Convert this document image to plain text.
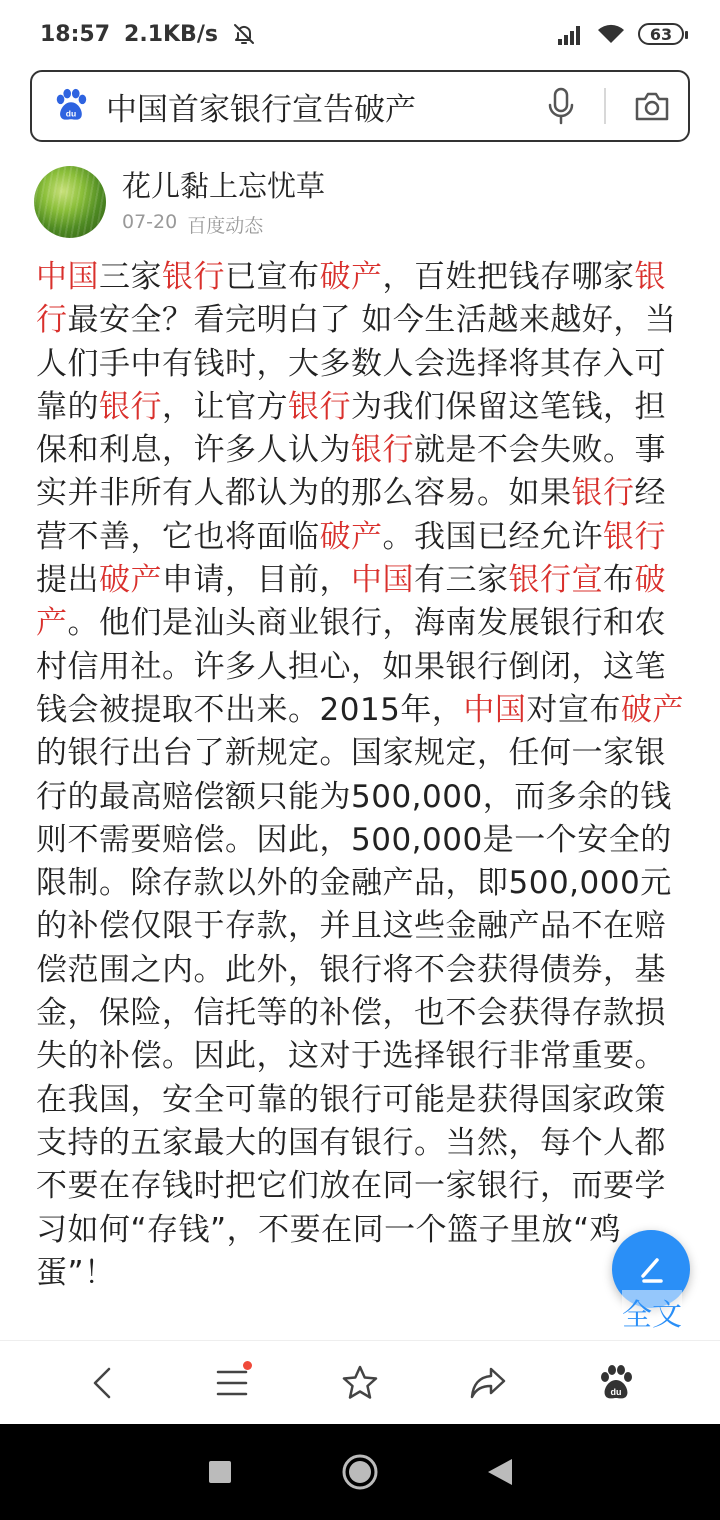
18:57 2.1KB/s	63
du 中国首家银行宣告破产
花儿黏上忘忧草
07-20 百度动态
中国三家银行已宣布破产，百姓把钱存哪家银行最安全？看完明白了 如今生活越来越好，当人们手中有钱时，大多数人会选择将其存入可靠的银行，让官方银行为我们保留这笔钱，担保和利息，许多人认为银行就是不会失败。事实并非所有人都认为的那么容易。如果银行经营不善，它也将面临破产。我国已经允许银行提出破产申请，目前，中国有三家银行宣布破产。他们是汕头商业银行，海南发展银行和农村信用社。许多人担心，如果银行倒闭，这笔钱会被提取不出来。2015年，中国对宣布破产的银行出台了新规定。国家规定，任何一家银行的最高赔偿额只能为500,000，而多余的钱则不需要赔偿。因此，500,000是一个安全的限制。除存款以外的金融产品，即500,000元的补偿仅限于存款，并且这些金融产品不在赔偿范围之内。此外，银行将不会获得债券，基金，保险，信托等的补偿，也不会获得存款损失的补偿。因此，这对于选择银行非常重要。在我国，安全可靠的银行可能是获得国家政策支持的五家最大的国有银行。当然，每个人都不要在存钱时把它们放在同一家银行，而要学习如何“存钱”，不要在同一个篮子里放“鸡蛋”！
全文
du
